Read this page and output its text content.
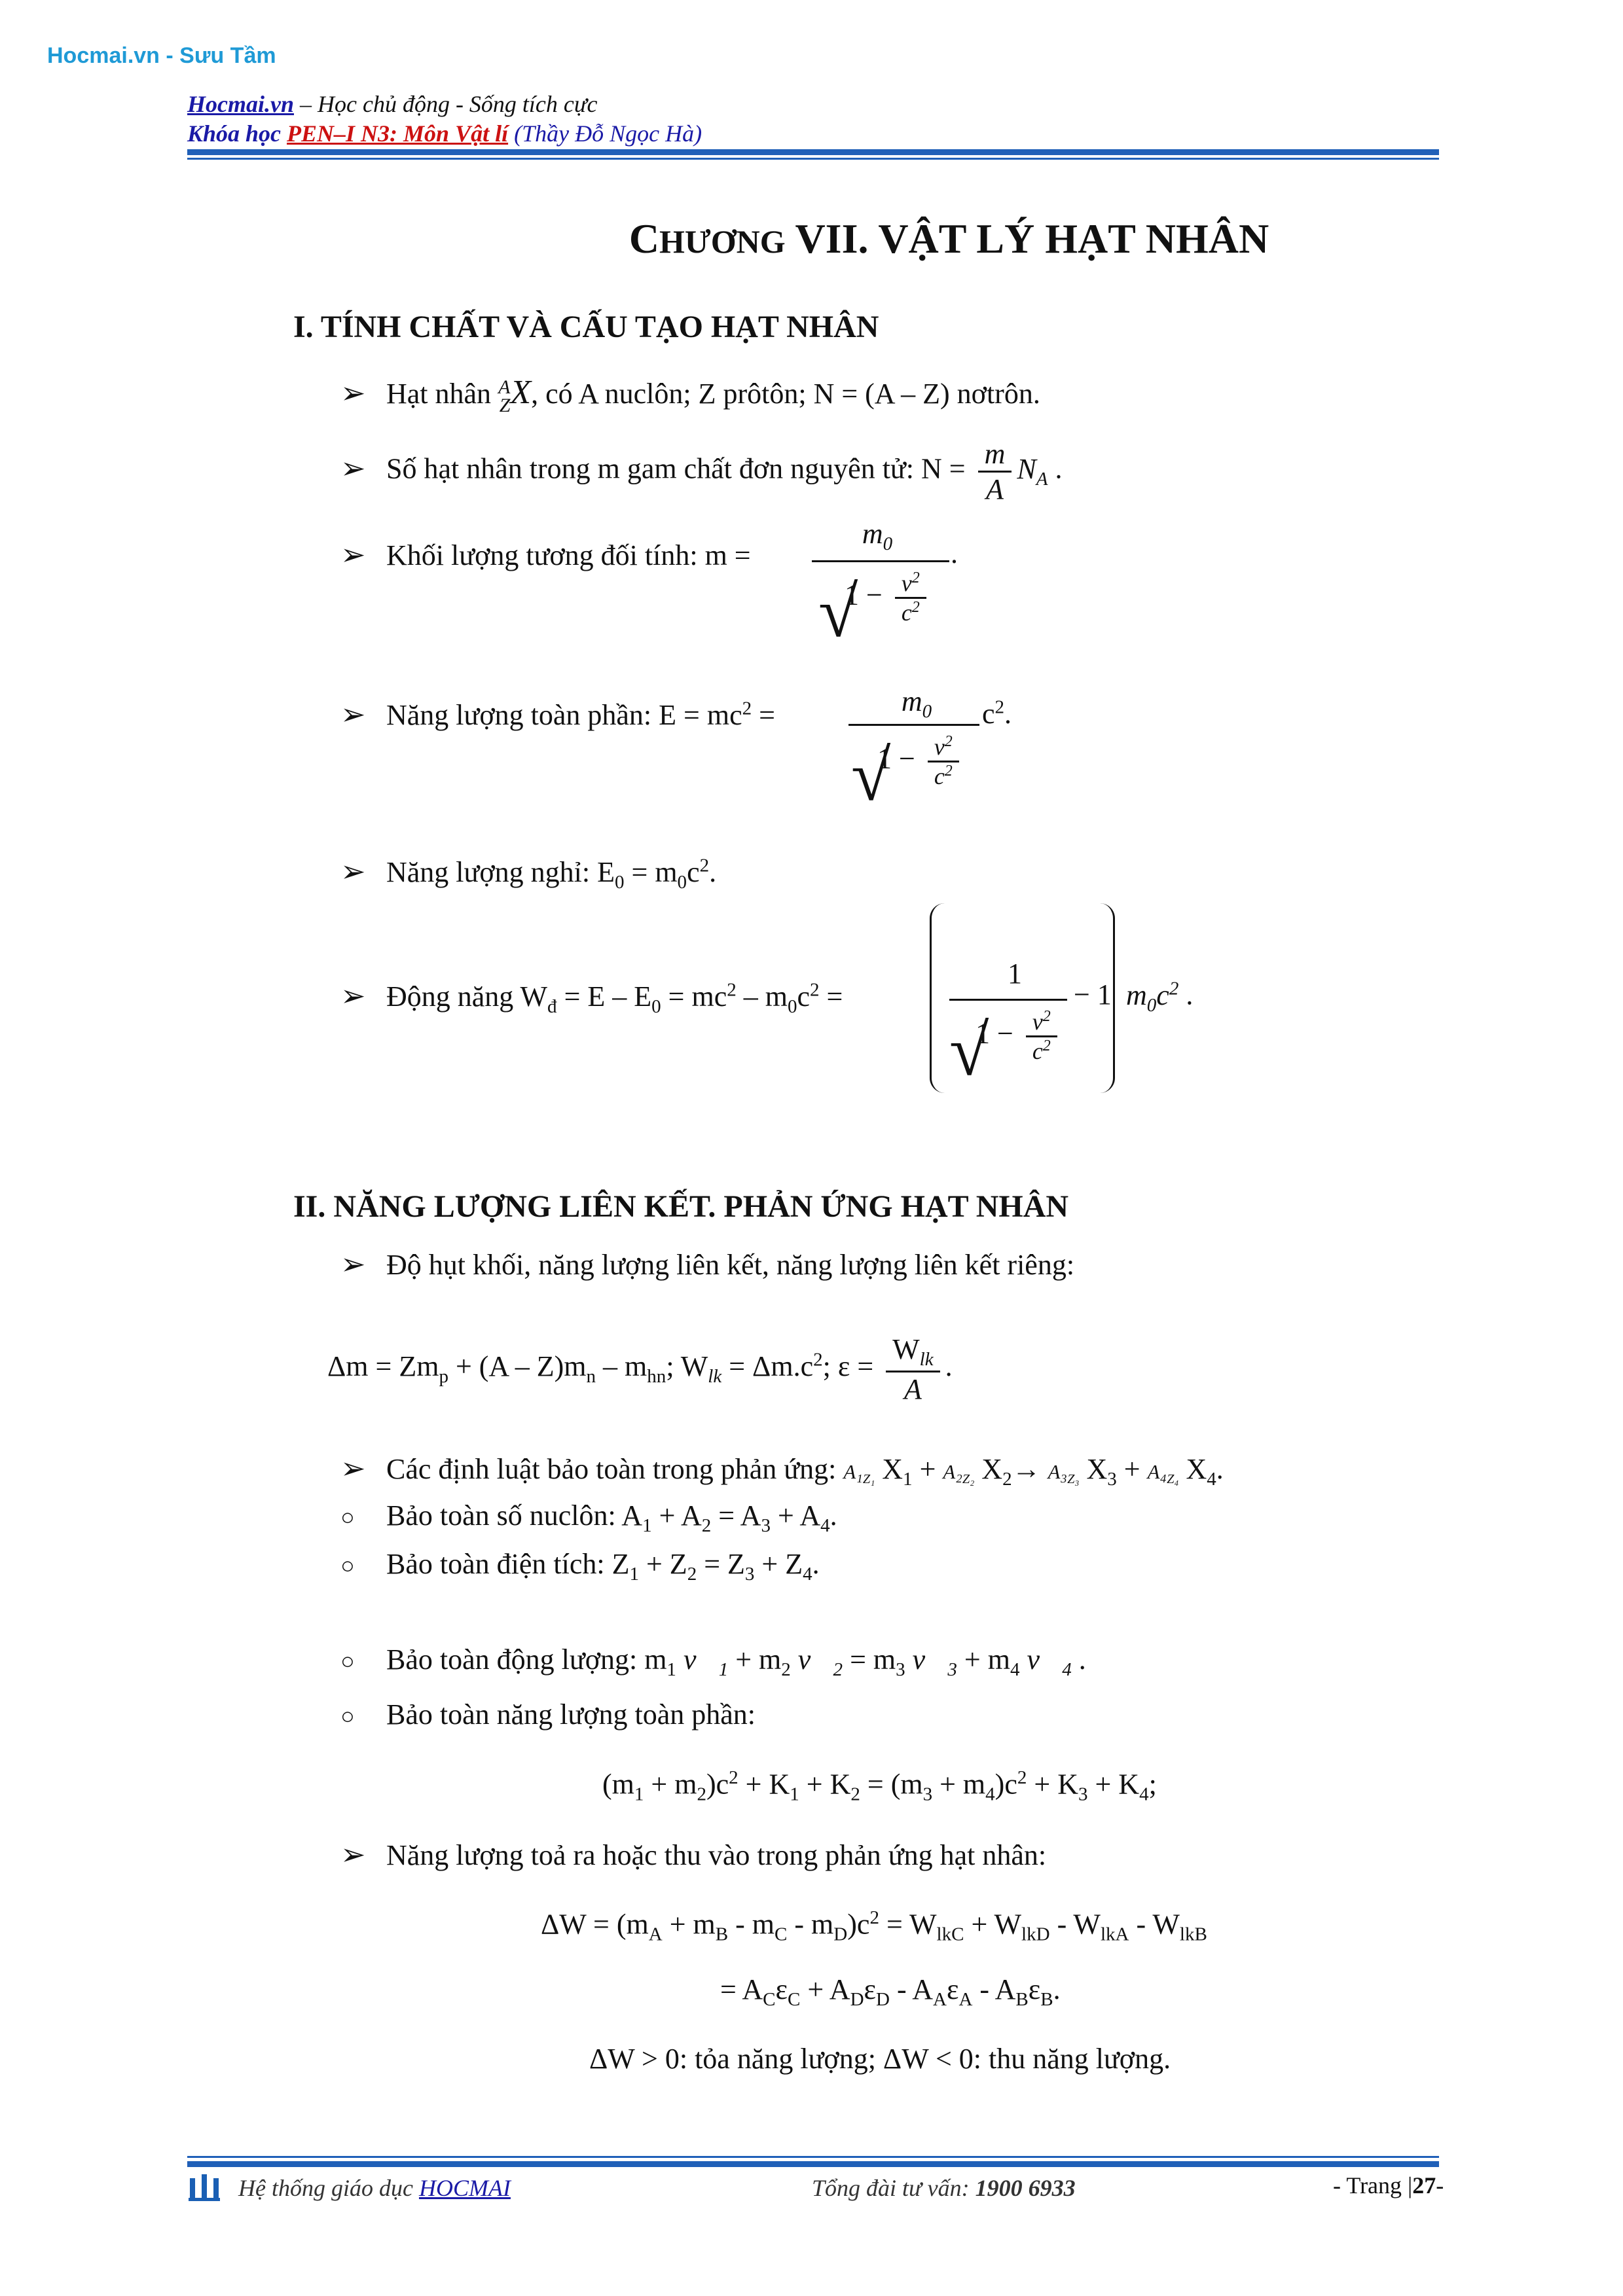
Hocmai.vn - Sưu Tầm
Hocmai.vn – Học chủ động - Sống tích cực
Khóa học PEN–I N3: Môn Vật lí (Thầy Đỗ Ngọc Hà)
CHƯƠNG VII. VẬT LÝ HẠT NHÂN
I. TÍNH CHẤT VÀ CẤU TẠO HẠT NHÂN
➢ Hạt nhân A
Z X, có A nuclôn; Z prôtôn; N = (A – Z) nơtrôn.
➢ Số hạt nhân trong m gam chất đơn nguyên tử: $N = \frac{m}{A} N_A$ .
➢ Khối lượng tương đối tính: m =
$m_0$
√ $1 - \frac{v^2}{c^2}$
.
➢ Năng lượng toàn phần: $E = mc^2$ =	$m_0$
√ $1 - \frac{v^2}{c^2}$
$c^2$.
➢ Năng lượng nghỉ: $E_0 = m_0c^2$.
➢ Động năng $W_đ = E - E_0 = mc^2 - m_0c^2$ =
1
√ $1 - \frac{v^2}{c^2}$
− 1 $m_0c^2$ .
II. NĂNG LƯỢNG LIÊN KẾT. PHẢN ỨNG HẠT NHÂN
➢ Độ hụt khối, năng lượng liên kết, năng lượng liên kết riêng:
$\Delta m = Zm_p + (A - Z)m_n - m_{hn}$; $W_{lk} = \Delta m.c^2$; $\varepsilon = \frac{W_{lk}}{A}$ .
➢ Các định luật bảo toàn trong phản ứng: $A_1_{Z_1}$ $X_1 + A_2_{Z_2}$ $X_2\to A_3_{Z_3}$ $X_3 + A_4_{Z_4}$ $X_4$.
○ Bảo toàn số nuclôn: $A_1 + A_2 = A_3 + A_4$.
○ Bảo toàn điện tích: $Z_1 + Z_2 = Z_3 + Z_4$.
○ Bảo toàn động lượng: $m_1$ $v⃗_1 + m_2$ $v⃗_2 = m_3$ $v⃗_3 + m_4$ $v⃗_4$ .
○ Bảo toàn năng lượng toàn phần:
$(m_1 + m_2)c^2 + K_1 + K_2 = (m_3 + m_4)c^2 + K_3 + K_4$;
➢ Năng lượng toả ra hoặc thu vào trong phản ứng hạt nhân:
$\Delta W = (m_A + m_B - m_C - m_D)c^2 = W_{lkC} + W_{lkD} - W_{lkA} - W_{lkB}$
= $A_C\varepsilon_C + A_D\varepsilon_D - A_A\varepsilon_A - A_B\varepsilon_B$.
ΔW > 0: tỏa năng lượng; ΔW < 0: thu năng lượng.
Hệ thống giáo dục HOCMAI	Tổng đài tư vấn: 1900 6933	- Trang |27-
